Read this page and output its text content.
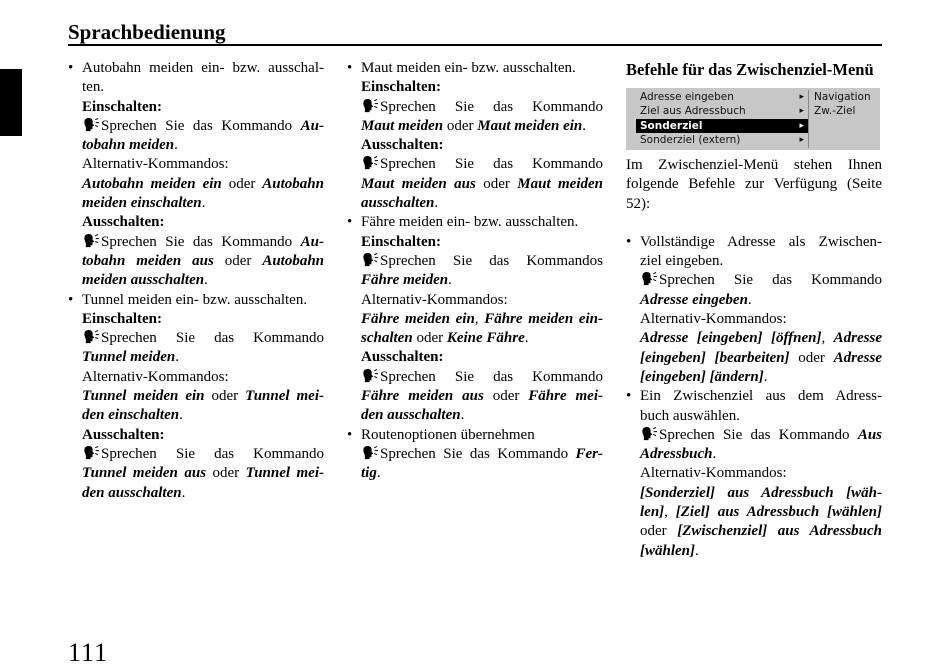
Sprachbedienung
• Autobahn meiden ein- bzw. ausschal-
ten.
Einschalten:
Sprechen Sie das Kommando Au-
tobahn meiden.
Alternativ-Kommandos:
Autobahn meiden ein oder Autobahn
meiden einschalten.
Ausschalten:
Sprechen Sie das Kommando Au-
tobahn meiden aus oder Autobahn
meiden ausschalten.
• Tunnel meiden ein- bzw. ausschalten.
Einschalten:
Sprechen Sie das Kommando
Tunnel meiden.
Alternativ-Kommandos:
Tunnel meiden ein oder Tunnel mei-
den einschalten.
Ausschalten:
Sprechen Sie das Kommando
Tunnel meiden aus oder Tunnel mei-
den ausschalten.
• Maut meiden ein- bzw. ausschalten.
Einschalten:
Sprechen Sie das Kommando
Maut meiden oder Maut meiden ein.
Ausschalten:
Sprechen Sie das Kommando
Maut meiden aus oder Maut meiden
ausschalten.
• Fähre meiden ein- bzw. ausschalten.
Einschalten:
Sprechen Sie das Kommandos
Fähre meiden.
Alternativ-Kommandos:
Fähre meiden ein, Fähre meiden ein-
schalten oder Keine Fähre.
Ausschalten:
Sprechen Sie das Kommando
Fähre meiden aus oder Fähre mei-
den ausschalten.
• Routenoptionen übernehmen
Sprechen Sie das Kommando Fer-
tig.
Befehle für das Zwischenziel-Menü
Adresse eingeben	▸
Ziel aus Adressbuch	▸
Sonderziel	▸
Sonderziel (extern)	▸
Navigation
Zw.-Ziel
Im Zwischenziel-Menü stehen Ihnen
folgende Befehle zur Verfügung (Seite
52):
• Vollständige Adresse als Zwischen-
ziel eingeben.
Sprechen Sie das Kommando
Adresse eingeben.
Alternativ-Kommandos:
Adresse [eingeben] [öffnen], Adresse
[eingeben] [bearbeiten] oder Adresse
[eingeben] [ändern].
• Ein Zwischenziel aus dem Adress-
buch auswählen.
Sprechen Sie das Kommando Aus
Adressbuch.
Alternativ-Kommandos:
[Sonderziel] aus Adressbuch [wäh-
len], [Ziel] aus Adressbuch [wählen]
oder [Zwischenziel] aus Adressbuch
[wählen].
111
